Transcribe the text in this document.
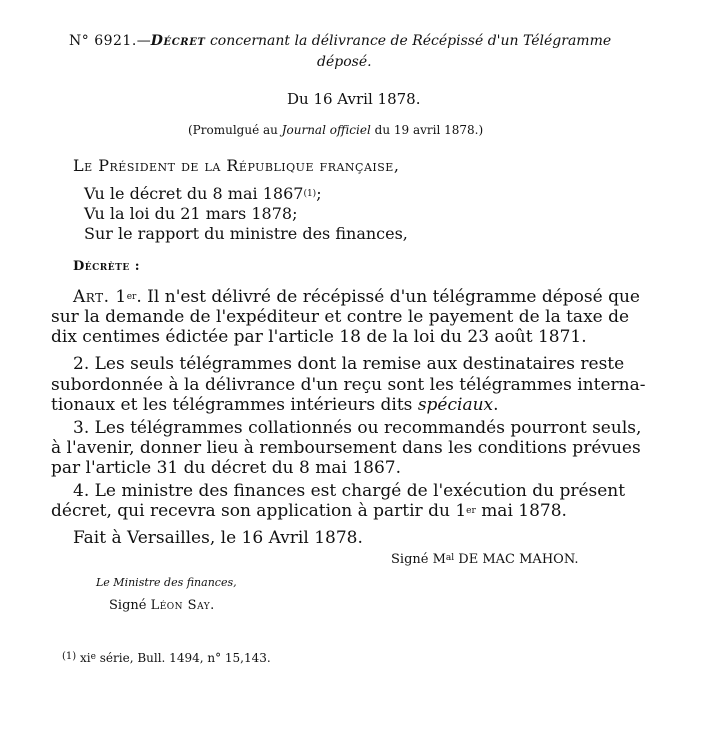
N° 6921.—Décret concernant la délivrance de Récépissé d'un Télégramme
déposé.
Du 16 Avril 1878.
(Promulgué au Journal officiel du 19 avril 1878.)
Le Président de la République française,
Vu le décret du 8 mai 1867$^{(1)}$;
Vu la loi du 21 mars 1878;
Sur le rapport du ministre des finances,
Décrète :
Art. 1er. Il n'est délivré de récépissé d'un télégramme déposé que
sur la demande de l'expéditeur et contre le payement de la taxe de
dix centimes édictée par l'article 18 de la loi du 23 août 1871.
2. Les seuls télégrammes dont la remise aux destinataires reste
subordonnée à la délivrance d'un reçu sont les télégrammes interna-
tionaux et les télégrammes intérieurs dits spéciaux.
3. Les télégrammes collationnés ou recommandés pourront seuls,
à l'avenir, donner lieu à remboursement dans les conditions prévues
par l'article 31 du décret du 8 mai 1867.
4. Le ministre des finances est chargé de l'exécution du présent
décret, qui recevra son application à partir du 1er mai 1878.
Fait à Versailles, le 16 Avril 1878.
Signé $M^{al}$ DE MAC MAHON.
Le Ministre des finances,
Signé Léon Say.
$^{(1)}$ $xi^e$ série, Bull. 1494, n° 15,143.
